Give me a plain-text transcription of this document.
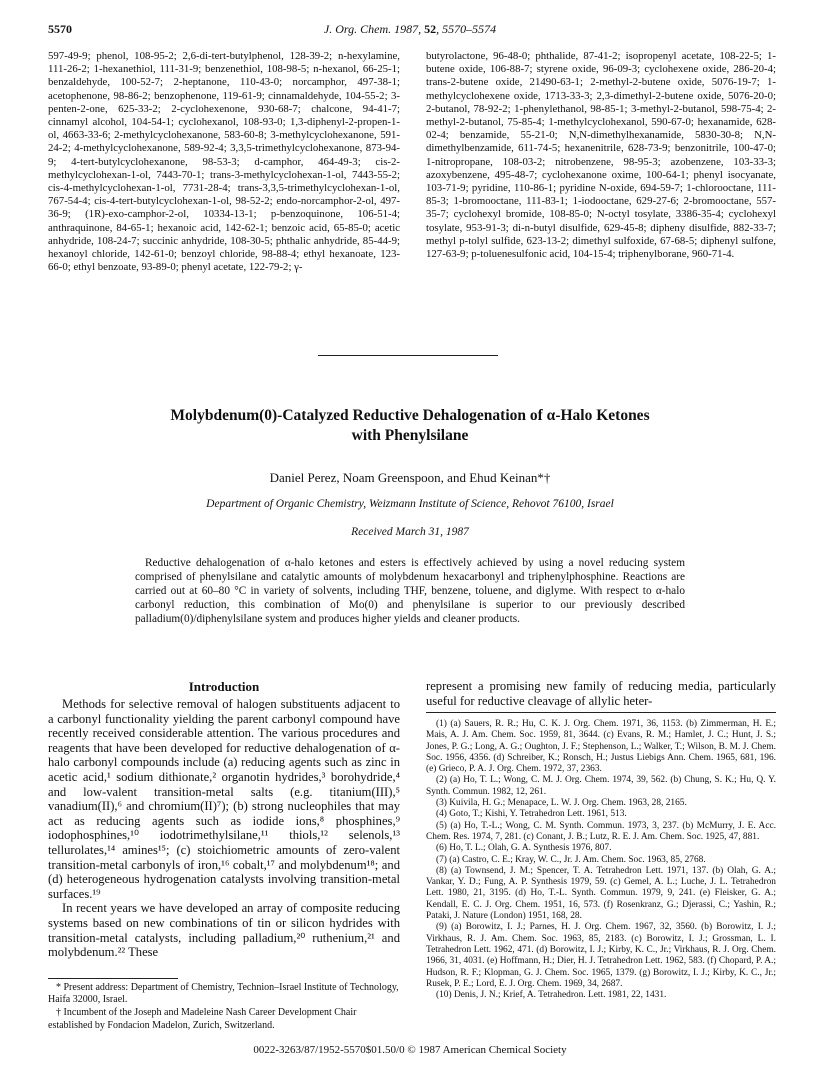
5570	J. Org. Chem. 1987, 52, 5570–5574
597-49-9; phenol, 108-95-2; 2,6-di-tert-butylphenol, 128-39-2; n-hexylamine, 111-26-2; 1-hexanethiol, 111-31-9; benzenethiol, 108-98-5; n-hexanol, 66-25-1; benzaldehyde, 100-52-7; 2-heptanone, 110-43-0; norcamphor, 497-38-1; acetophenone, 98-86-2; benzophenone, 119-61-9; cinnamaldehyde, 104-55-2; 3-penten-2-one, 625-33-2; 2-cyclohexenone, 930-68-7; chalcone, 94-41-7; cinnamyl alcohol, 104-54-1; cyclohexanol, 108-93-0; 1,3-diphenyl-2-propen-1-ol, 4663-33-6; 2-methylcyclohexanone, 583-60-8; 3-methylcyclohexanone, 591-24-2; 4-methylcyclohexanone, 589-92-4; 3,3,5-trimethylcyclohexanone, 873-94-9; 4-tert-butylcyclohexanone, 98-53-3; d-camphor, 464-49-3; cis-2-methylcyclohexan-1-ol, 7443-70-1; trans-3-methylcyclohexan-1-ol, 7443-55-2; cis-4-methylcyclohexan-1-ol, 7731-28-4; trans-3,3,5-trimethylcyclohexan-1-ol, 767-54-4; cis-4-tert-butylcyclohexan-1-ol, 98-52-2; endo-norcamphor-2-ol, 497-36-9; (1R)-exo-camphor-2-ol, 10334-13-1; p-benzoquinone, 106-51-4; anthraquinone, 84-65-1; hexanoic acid, 142-62-1; benzoic acid, 65-85-0; acetic anhydride, 108-24-7; succinic anhydride, 108-30-5; phthalic anhydride, 85-44-9; hexanoyl chloride, 142-61-0; benzoyl chloride, 98-88-4; ethyl hexanoate, 123-66-0; ethyl benzoate, 93-89-0; phenyl acetate, 122-79-2; γ-
butyrolactone, 96-48-0; phthalide, 87-41-2; isopropenyl acetate, 108-22-5; 1-butene oxide, 106-88-7; styrene oxide, 96-09-3; cyclohexene oxide, 286-20-4; trans-2-butene oxide, 21490-63-1; 2-methyl-2-butene oxide, 5076-19-7; 1-methylcyclohexene oxide, 1713-33-3; 2,3-dimethyl-2-butene oxide, 5076-20-0; 2-butanol, 78-92-2; 1-phenylethanol, 98-85-1; 3-methyl-2-butanol, 598-75-4; 2-methyl-2-butanol, 75-85-4; 1-methylcyclohexanol, 590-67-0; hexanamide, 628-02-4; benzamide, 55-21-0; N,N-dimethylhexanamide, 5830-30-8; N,N-dimethylbenzamide, 611-74-5; hexanenitrile, 628-73-9; benzonitrile, 100-47-0; 1-nitropropane, 108-03-2; nitrobenzene, 98-95-3; azobenzene, 103-33-3; azoxybenzene, 495-48-7; cyclohexanone oxime, 100-64-1; phenyl isocyanate, 103-71-9; pyridine, 110-86-1; pyridine N-oxide, 694-59-7; 1-chlorooctane, 111-85-3; 1-bromooctane, 111-83-1; 1-iodooctane, 629-27-6; 2-bromooctane, 557-35-7; cyclohexyl bromide, 108-85-0; N-octyl tosylate, 3386-35-4; cyclohexyl tosylate, 953-91-3; di-n-butyl disulfide, 629-45-8; dipheny disulfide, 882-33-7; methyl p-tolyl sulfide, 623-13-2; dimethyl sulfoxide, 67-68-5; diphenyl sulfone, 127-63-9; p-toluenesulfonic acid, 104-15-4; triphenylborane, 960-71-4.
Molybdenum(0)-Catalyzed Reductive Dehalogenation of α-Halo Ketones
with Phenylsilane
Daniel Perez, Noam Greenspoon, and Ehud Keinan*†
Department of Organic Chemistry, Weizmann Institute of Science, Rehovot 76100, Israel
Received March 31, 1987
Reductive dehalogenation of α-halo ketones and esters is effectively achieved by using a novel reducing system comprised of phenylsilane and catalytic amounts of molybdenum hexacarbonyl and triphenylphosphine. Reactions are carried out at 60–80 °C in variety of solvents, including THF, benzene, toluene, and diglyme. With respect to α-halo carbonyl reduction, this combination of Mo(0) and phenylsilane is superior to our previously described palladium(0)/diphenylsilane system and produces higher yields and cleaner products.
Introduction

Methods for selective removal of halogen substituents adjacent to a carbonyl functionality yielding the parent carbonyl compound have recently received considerable attention. The various procedures and reagents that have been developed for reductive dehalogenation of α-halo carbonyl compounds include (a) reducing agents such as zinc in acetic acid,¹ sodium dithionate,² organotin hydrides,³ borohydride,⁴ and low-valent transition-metal salts (e.g. titanium(III),⁵ vanadium(II),⁶ and chromium(II)⁷); (b) strong nucleophiles that may act as reducing agents such as iodide ions,⁸ phosphines,⁹ iodophosphines,¹⁰ iodotrimethylsilane,¹¹ thiols,¹² selenols,¹³ tellurolates,¹⁴ amines¹⁵; (c) stoichiometric amounts of zero-valent transition-metal carbonyls of iron,¹⁶ cobalt,¹⁷ and molybdenum¹⁸; and (d) heterogeneous hydrogenation catalysts involving transition-metal surfaces.¹⁹

In recent years we have developed an array of composite reducing systems based on new combinations of tin or silicon hydrides with transition-metal catalysts, including palladium,²⁰ ruthenium,²¹ and molybdenum.²² These

represent a promising new family of reducing media, particularly useful for reductive cleavage of allylic heter-

(1) (a) Sauers, R. R.; Hu, C. K. J. Org. Chem. 1971, 36, 1153. (b) Zimmerman, H. E.; Mais, A. J. Am. Chem. Soc. 1959, 81, 3644. (c) Evans, R. M.; Hamlet, J. C.; Hunt, J. S.; Jones, P. G.; Long, A. G.; Oughton, J. F.; Stephenson, L.; Walker, T.; Wilson, B. M. J. Chem. Soc. 1956, 4356. (d) Schreiber, K.; Ronsch, H.; Justus Liebigs Ann. Chem. 1965, 681, 196. (e) Grieco, P. A. J. Org. Chem. 1972, 37, 2363.

(2) (a) Ho, T. L.; Wong, C. M. J. Org. Chem. 1974, 39, 562. (b) Chung, S. K.; Hu, Q. Y. Synth. Commun. 1982, 12, 261.

(3) Kuivila, H. G.; Menapace, L. W. J. Org. Chem. 1963, 28, 2165.

(4) Goto, T.; Kishi, Y. Tetrahedron Lett. 1961, 513.

(5) (a) Ho, T.-L.; Wong, C. M. Synth. Commun. 1973, 3, 237. (b) McMurry, J. E. Acc. Chem. Res. 1974, 7, 281. (c) Conant, J. B.; Lutz, R. E. J. Am. Chem. Soc. 1925, 47, 881.

(6) Ho, T. L.; Olah, G. A. Synthesis 1976, 807.

(7) (a) Castro, C. E.; Kray, W. C., Jr. J. Am. Chem. Soc. 1963, 85, 2768.

(8) (a) Townsend, J. M.; Spencer, T. A. Tetrahedron Lett. 1971, 137. (b) Olah, G. A.; Vankar, Y. D.; Fung, A. P. Synthesis 1979, 59. (c) Gemel, A. L.; Luche, J. L. Tetrahedron Lett. 1980, 21, 3195. (d) Ho, T.-L. Synth. Commun. 1979, 9, 241. (e) Fleisker, G. A.; Kendall, E. C. J. Org. Chem. 1951, 16, 573. (f) Rosenkranz, G.; Djerassi, C.; Yashin, R.; Pataki, J. Nature (London) 1951, 168, 28.

(9) (a) Borowitz, I. J.; Parnes, H. J. Org. Chem. 1967, 32, 3560. (b) Borowitz, I. J.; Virkhaus, R. J. Am. Chem. Soc. 1963, 85, 2183. (c) Borowitz, I. J.; Grossman, L. I. Tetrahedron Lett. 1962, 471. (d) Borowitz, I. J.; Kirby, K. C., Jr.; Virkhaus, R. J. Org. Chem. 1966, 31, 4031. (e) Hoffmann, H.; Dier, H. J. Tetrahedron Lett. 1962, 583. (f) Chopard, P. A.; Hudson, R. F.; Klopman, G. J. Chem. Soc. 1965, 1379. (g) Borowitz, I. J.; Kirby, K. C., Jr.; Rusek, P. E.; Lord, E. J. Org. Chem. 1969, 34, 2687.

(10) Denis, J. N.; Krief, A. Tetrahedron. Lett. 1981, 22, 1431.

* Present address: Department of Chemistry, Technion–Israel Institute of Technology, Haifa 32000, Israel.

† Incumbent of the Joseph and Madeleine Nash Career Development Chair established by Fondacion Madelon, Zurich, Switzerland.

0022-3263/87/1952-5570$01.50/0 © 1987 American Chemical Society
